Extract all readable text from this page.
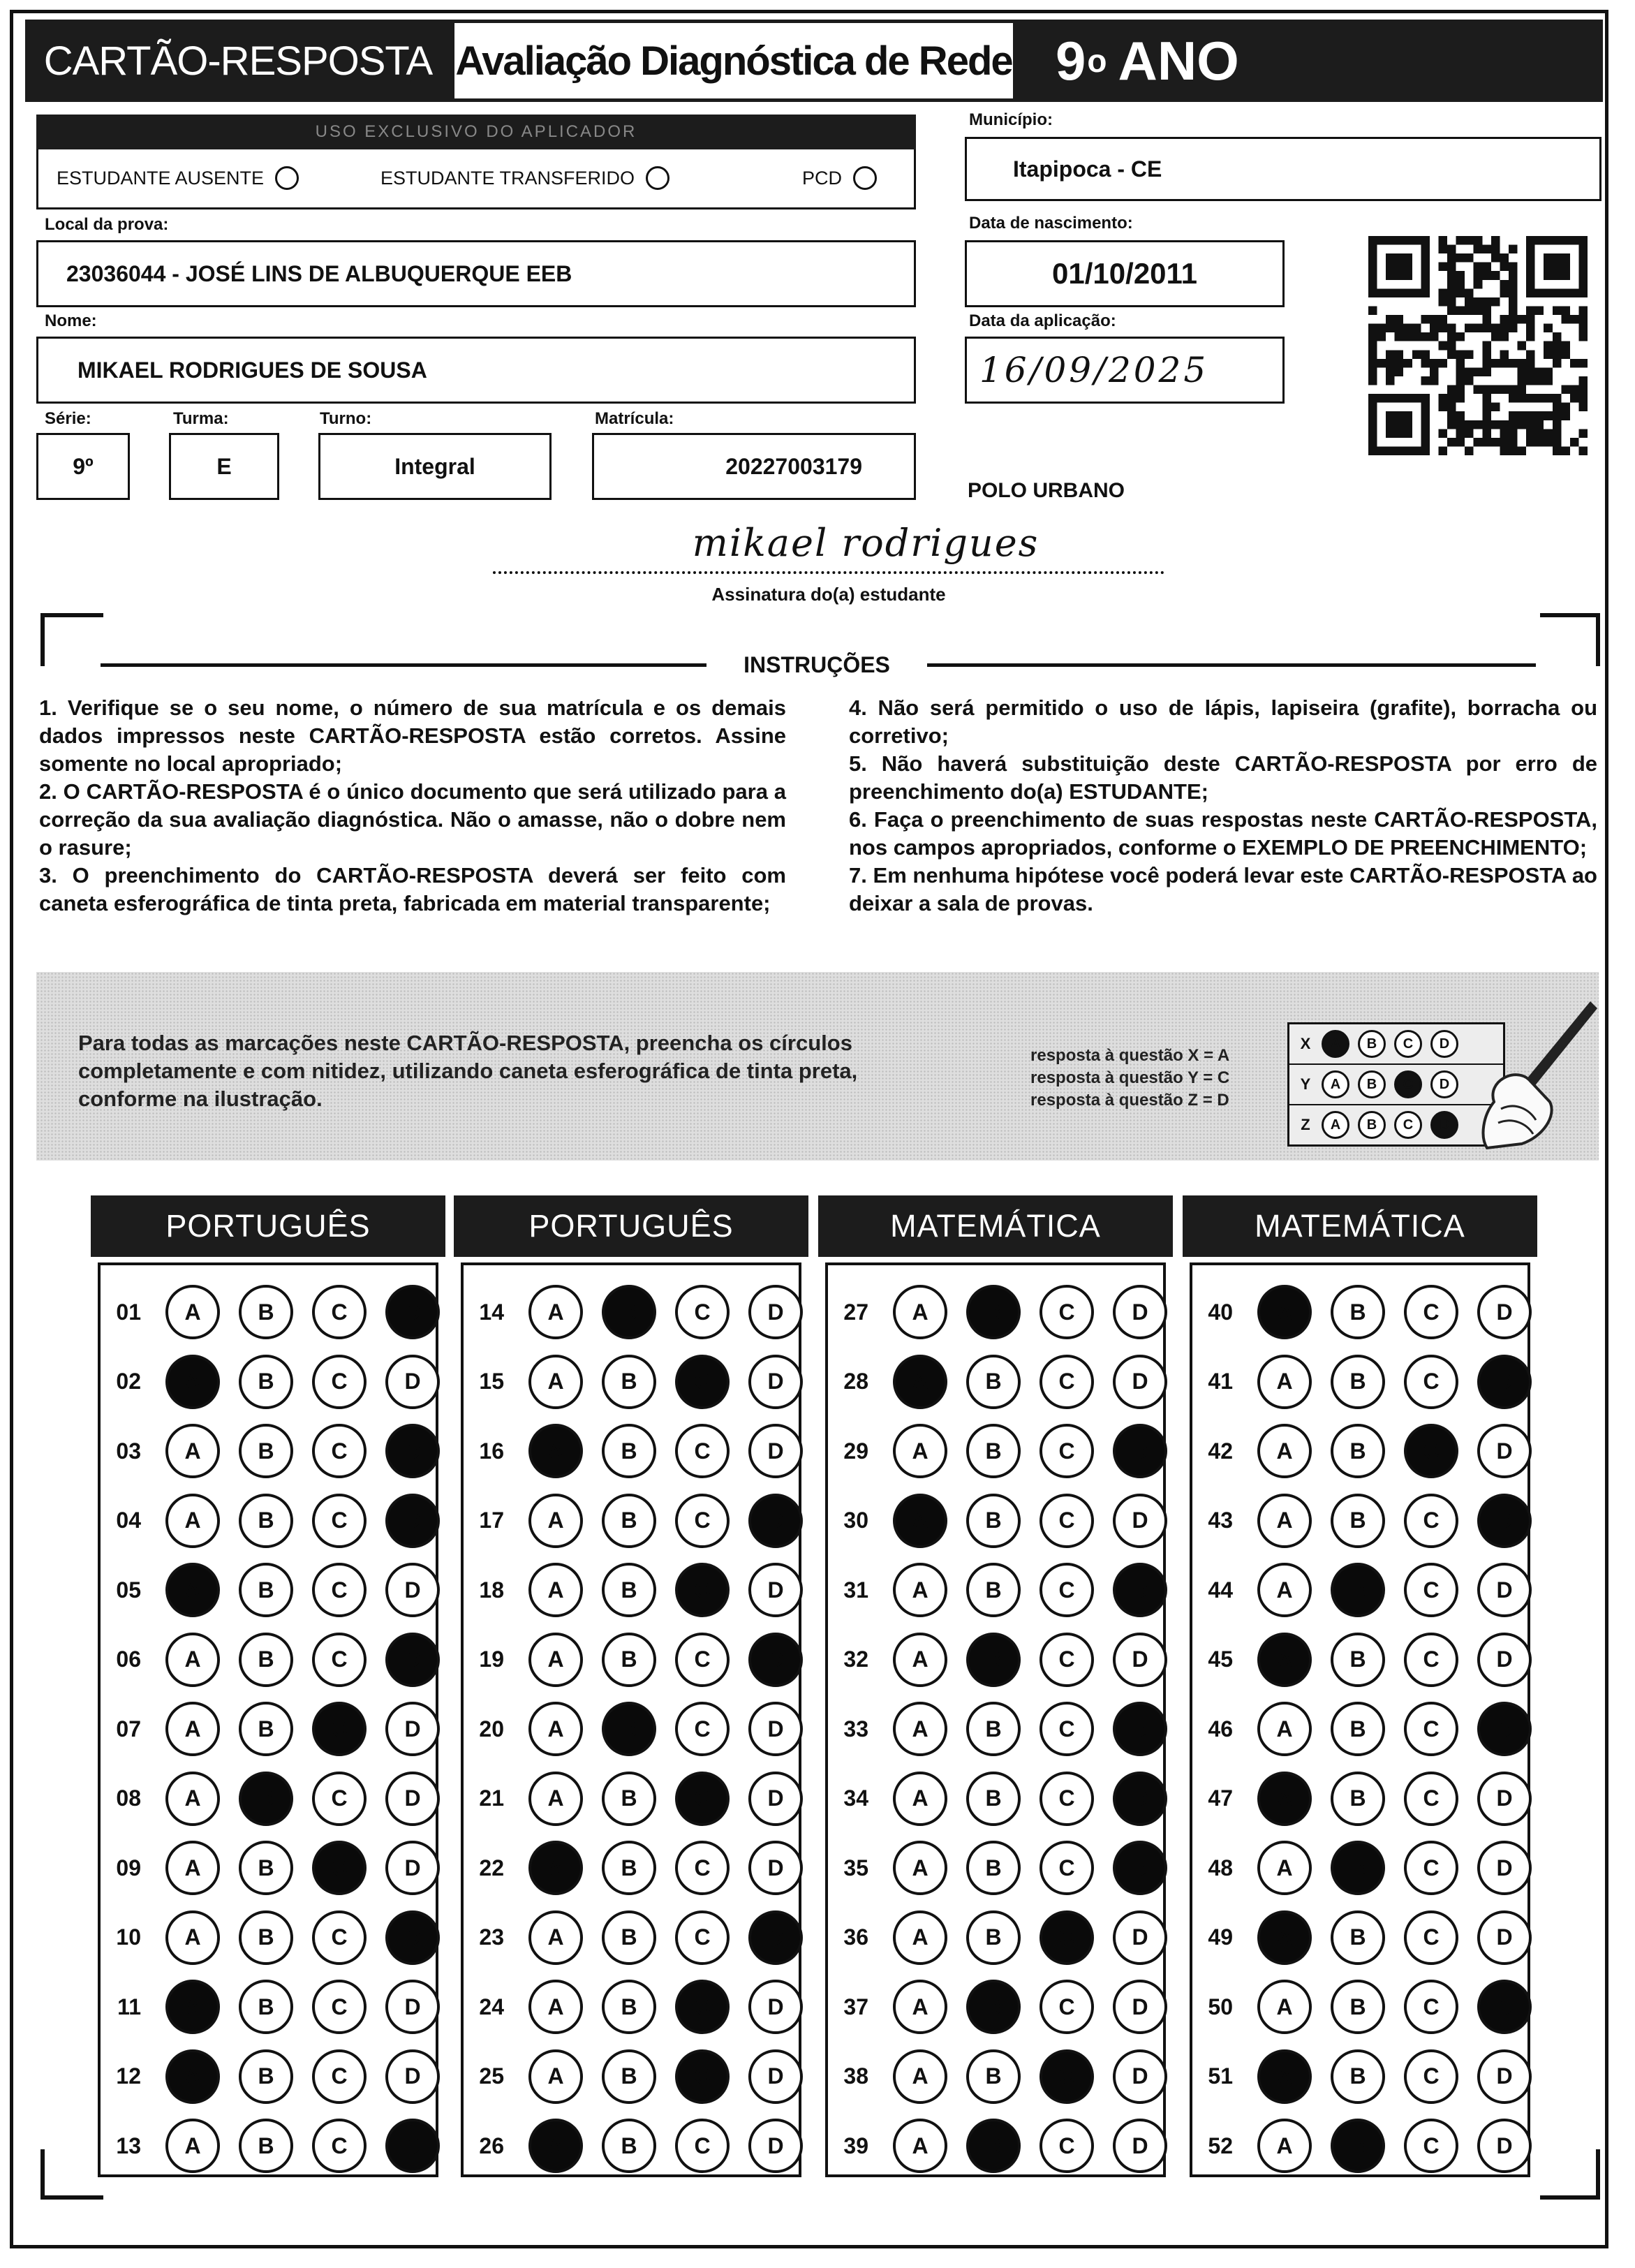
CARTÃO-RESPOSTA Avaliação Diagnóstica de Rede 9 o ANO
USO EXCLUSIVO DO APLICADOR
ESTUDANTE AUSENTE	ESTUDANTE TRANSFERIDO	PCD
Local da prova:
23036044 - JOSÉ LINS DE ALBUQUERQUE EEB
Nome:
MIKAEL RODRIGUES DE SOUSA
Série:	Turma:	Turno:	Matrícula:
9º	E	Integral	20227003179
Município:
Itapipoca - CE
Data de nascimento:
01/10/2011
Data da aplicação:
16/09/2025
POLO URBANO
mikael rodrigues
Assinatura do(a) estudante
INSTRUÇÕES

1. Verifique se o seu nome, o número de sua matrícula e os demais dados impressos neste CARTÃO-RESPOSTA estão corretos. Assine somente no local apropriado;

2. O CARTÃO-RESPOSTA é o único documento que será utilizado para a correção da sua avaliação diagnóstica. Não o amasse, não o dobre nem o rasure;

3. O preenchimento do CARTÃO-RESPOSTA deverá ser feito com caneta esferográfica de tinta preta, fabricada em material transparente;

4. Não será permitido o uso de lápis, lapiseira (grafite), borracha ou corretivo;

5. Não haverá substituição deste CARTÃO-RESPOSTA por erro de preenchimento do(a) ESTUDANTE;

6. Faça o preenchimento de suas respostas neste CARTÃO-RESPOSTA, nos campos apropriados, conforme o EXEMPLO DE PREENCHIMENTO;

7. Em nenhuma hipótese você poderá levar este CARTÃO-RESPOSTA ao deixar a sala de provas.

Para todas as marcações neste CARTÃO-RESPOSTA, preencha os círculos completamente e com nitidez, utilizando caneta esferográfica de tinta preta, conforme na ilustração.
resposta à questão X = A
resposta à questão Y = C
resposta à questão Z = D
X	A	B	C	D
Y	A	B	C	D
Z	A	B	C	D
PORTUGUÊS
01	A	B	C	D
02	A	B	C	D
03	A	B	C	D
04	A	B	C	D
05	A	B	C	D
06	A	B	C	D
07	A	B	C	D
08	A	B	C	D
09	A	B	C	D
10	A	B	C	D
11	A	B	C	D
12	A	B	C	D
13	A	B	C	D
PORTUGUÊS
14	A	B	C	D
15	A	B	C	D
16	A	B	C	D
17	A	B	C	D
18	A	B	C	D
19	A	B	C	D
20	A	B	C	D
21	A	B	C	D
22	A	B	C	D
23	A	B	C	D
24	A	B	C	D
25	A	B	C	D
26	A	B	C	D
MATEMÁTICA
27	A	B	C	D
28	A	B	C	D
29	A	B	C	D
30	A	B	C	D
31	A	B	C	D
32	A	B	C	D
33	A	B	C	D
34	A	B	C	D
35	A	B	C	D
36	A	B	C	D
37	A	B	C	D
38	A	B	C	D
39	A	B	C	D
MATEMÁTICA
40	A	B	C	D
41	A	B	C	D
42	A	B	C	D
43	A	B	C	D
44	A	B	C	D
45	A	B	C	D
46	A	B	C	D
47	A	B	C	D
48	A	B	C	D
49	A	B	C	D
50	A	B	C	D
51	A	B	C	D
52	A	B	C	D
